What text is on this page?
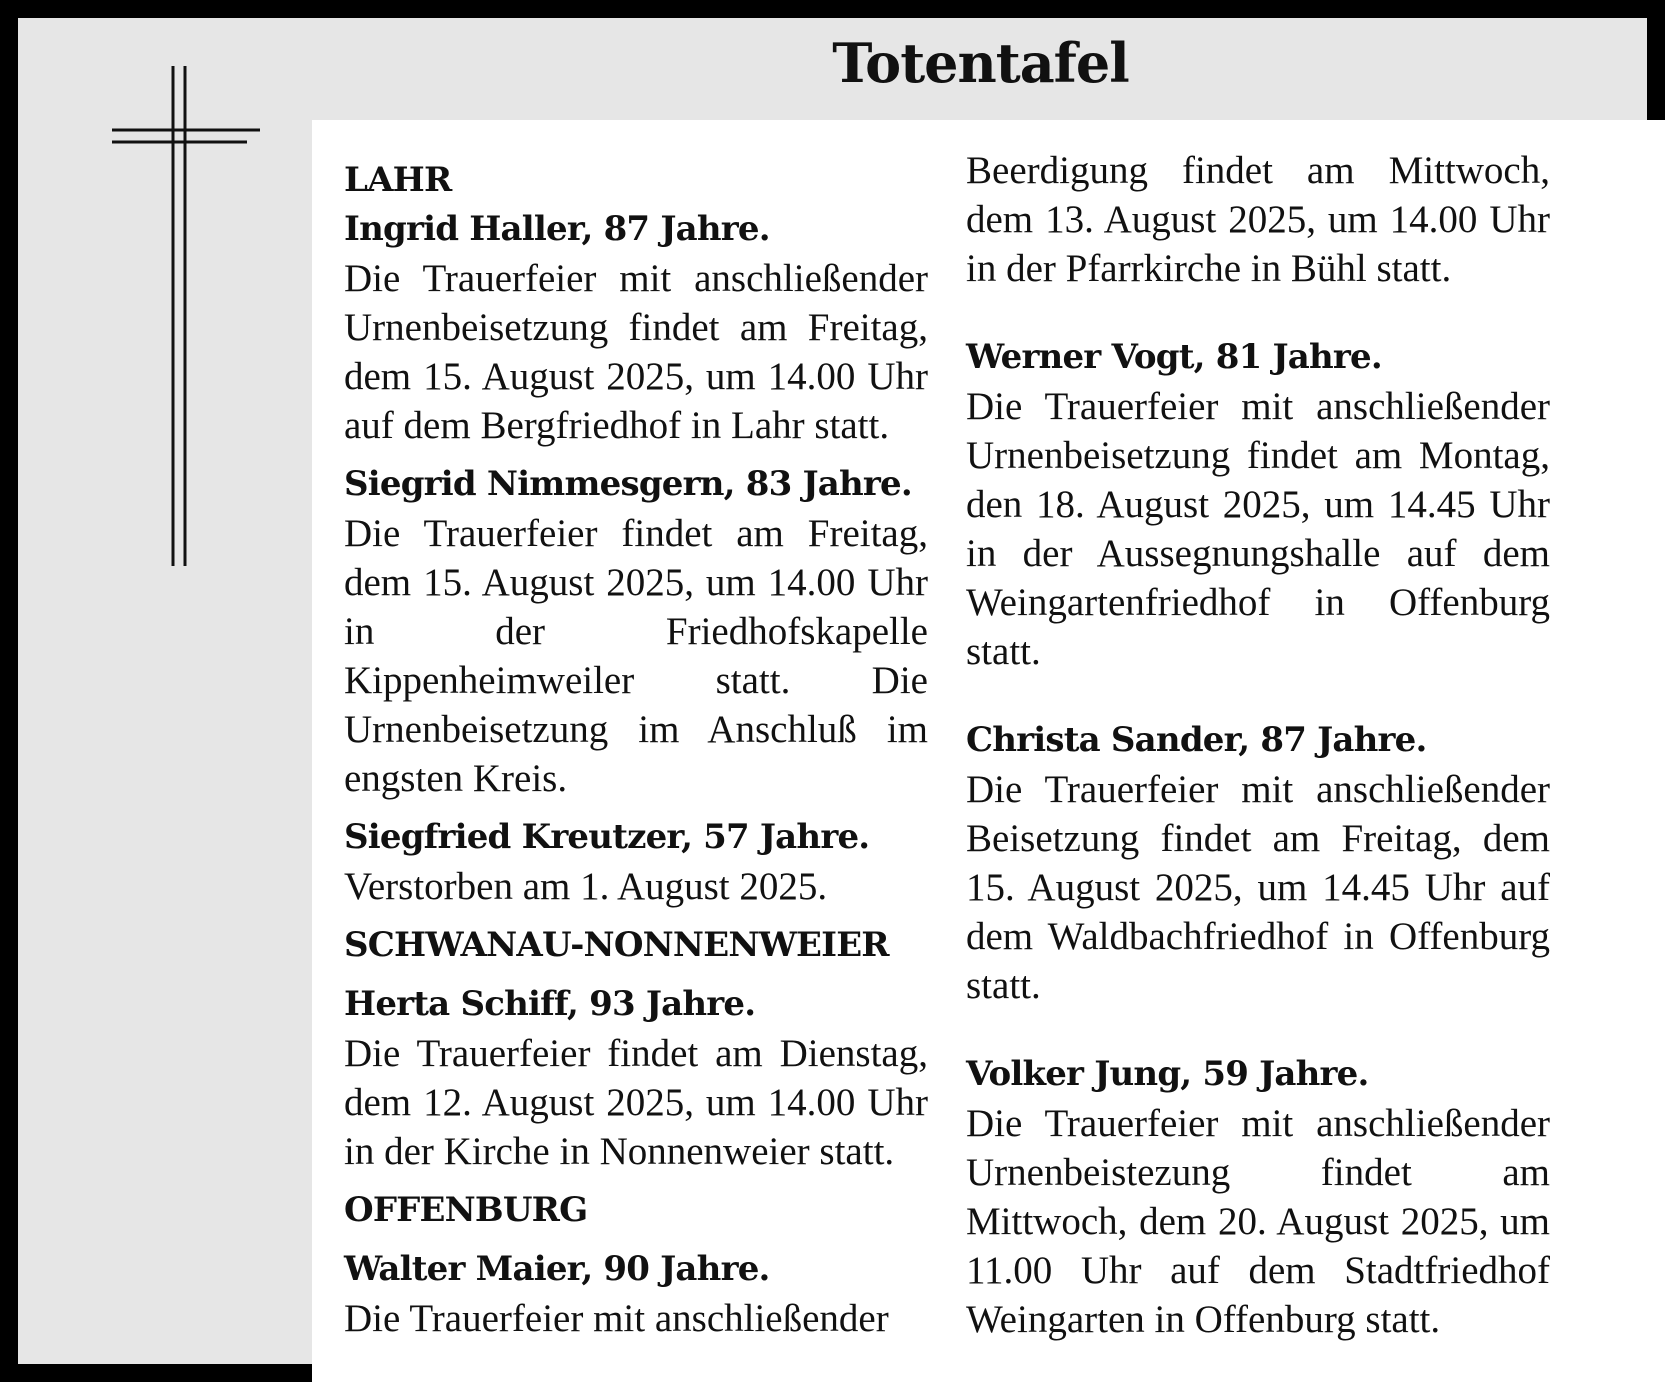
Totentafel

LAHR

Ingrid Haller, 87 Jahre.

Die Trauerfeier mit anschließender Urnenbeisetzung findet am Freitag, dem 15. August 2025, um 14.00 Uhr auf dem Bergfriedhof in Lahr statt.

Siegrid Nimmesgern, 83 Jahre.

Die Trauerfeier findet am Freitag, dem 15. August 2025, um 14.00 Uhr in der Friedhofskapelle Kippenheimweiler statt. Die Urnenbeisetzung im Anschluß im engsten Kreis.

Siegfried Kreutzer, 57 Jahre.

Verstorben am 1. August 2025.

SCHWANAU-NONNENWEIER

Herta Schiff, 93 Jahre.

Die Trauerfeier findet am Dienstag, dem 12. August 2025, um 14.00 Uhr in der Kirche in Nonnenweier statt.

OFFENBURG

Walter Maier, 90 Jahre.

Die Trauerfeier mit anschließender

Beerdigung findet am Mittwoch, dem 13. August 2025, um 14.00 Uhr in der Pfarrkirche in Bühl statt.

Werner Vogt, 81 Jahre.

Die Trauerfeier mit anschließender Urnenbeisetzung findet am Montag, den 18. August 2025, um 14.45 Uhr in der Aussegnungshalle auf dem Weingartenfriedhof in Offenburg statt.

Christa Sander, 87 Jahre.

Die Trauerfeier mit anschließender Beisetzung findet am Freitag, dem 15. August 2025, um 14.45 Uhr auf dem Waldbachfriedhof in Offenburg statt.

Volker Jung, 59 Jahre.

Die Trauerfeier mit anschließender Urnenbeistezung findet am Mittwoch, dem 20. August 2025, um 11.00 Uhr auf dem Stadtfriedhof Weingarten in Offenburg statt.
